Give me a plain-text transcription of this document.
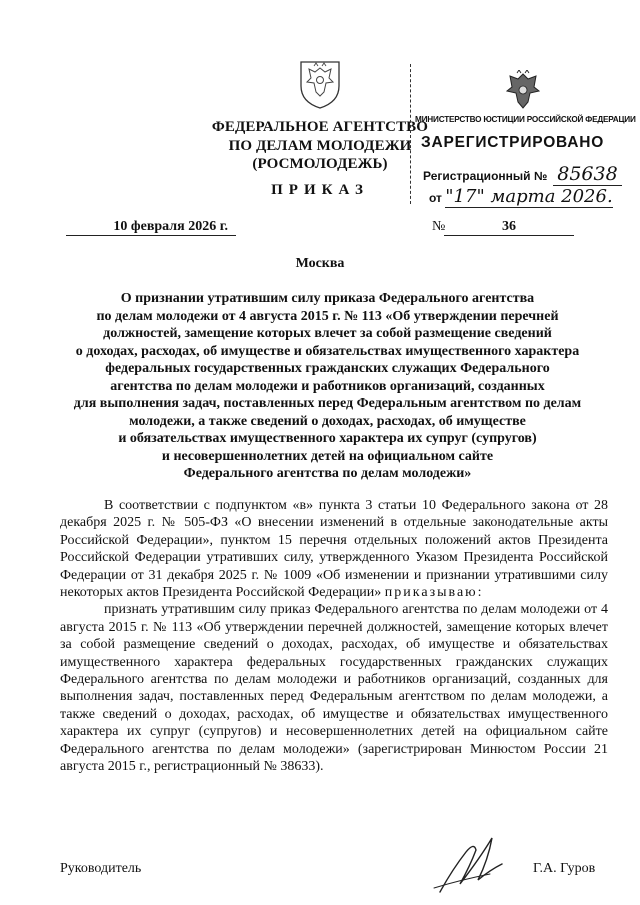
ФЕДЕРАЛЬНОЕ АГЕНТСТВО
ПО ДЕЛАМ МОЛОДЕЖИ
(РОСМОЛОДЕЖЬ)
ПРИКАЗ
МИНИСТЕРСТВО ЮСТИЦИИ РОССИЙСКОЙ ФЕДЕРАЦИИ
ЗАРЕГИСТРИРОВАНО
Регистрационный № 85638
от "17" марта 2026.
10 февраля 2026 г.	№	36
Москва
О признании утратившим силу приказа Федерального агентства
по делам молодежи от 4 августа 2015 г. № 113 «Об утверждении перечней
должностей, замещение которых влечет за собой размещение сведений
о доходах, расходах, об имуществе и обязательствах имущественного характера
федеральных государственных гражданских служащих Федерального
агентства по делам молодежи и работников организаций, созданных
для выполнения задач, поставленных перед Федеральным агентством по делам
молодежи, а также сведений о доходах, расходах, об имуществе
и обязательствах имущественного характера их супруг (супругов)
и несовершеннолетних детей на официальном сайте
Федерального агентства по делам молодежи»

В соответствии с подпунктом «в» пункта 3 статьи 10 Федерального закона от 28 декабря 2025 г. № 505-ФЗ «О внесении изменений в отдельные законодательные акты Российской Федерации», пунктом 15 перечня отдельных положений актов Президента Российской Федерации утративших силу, утвержденного Указом Президента Российской Федерации от 31 декабря 2025 г. № 1009 «Об изменении и признании утратившими силу некоторых актов Президента Российской Федерации» приказываю:

признать утратившим силу приказ Федерального агентства по делам молодежи от 4 августа 2015 г. № 113 «Об утверждении перечней должностей, замещение которых влечет за собой размещение сведений о доходах, расходах, об имуществе и обязательствах имущественного характера федеральных государственных гражданских служащих Федерального агентства по делам молодежи и работников организаций, созданных для выполнения задач, поставленных перед Федеральным агентством по делам молодежи, а также сведений о доходах, расходах, об имуществе и обязательствах имущественного характера их супруг (супругов) и несовершеннолетних детей на официальном сайте Федерального агентства по делам молодежи» (зарегистрирован Минюстом России 21 августа 2015 г., регистрационный № 38633).

Руководитель	Г.А. Гуров
